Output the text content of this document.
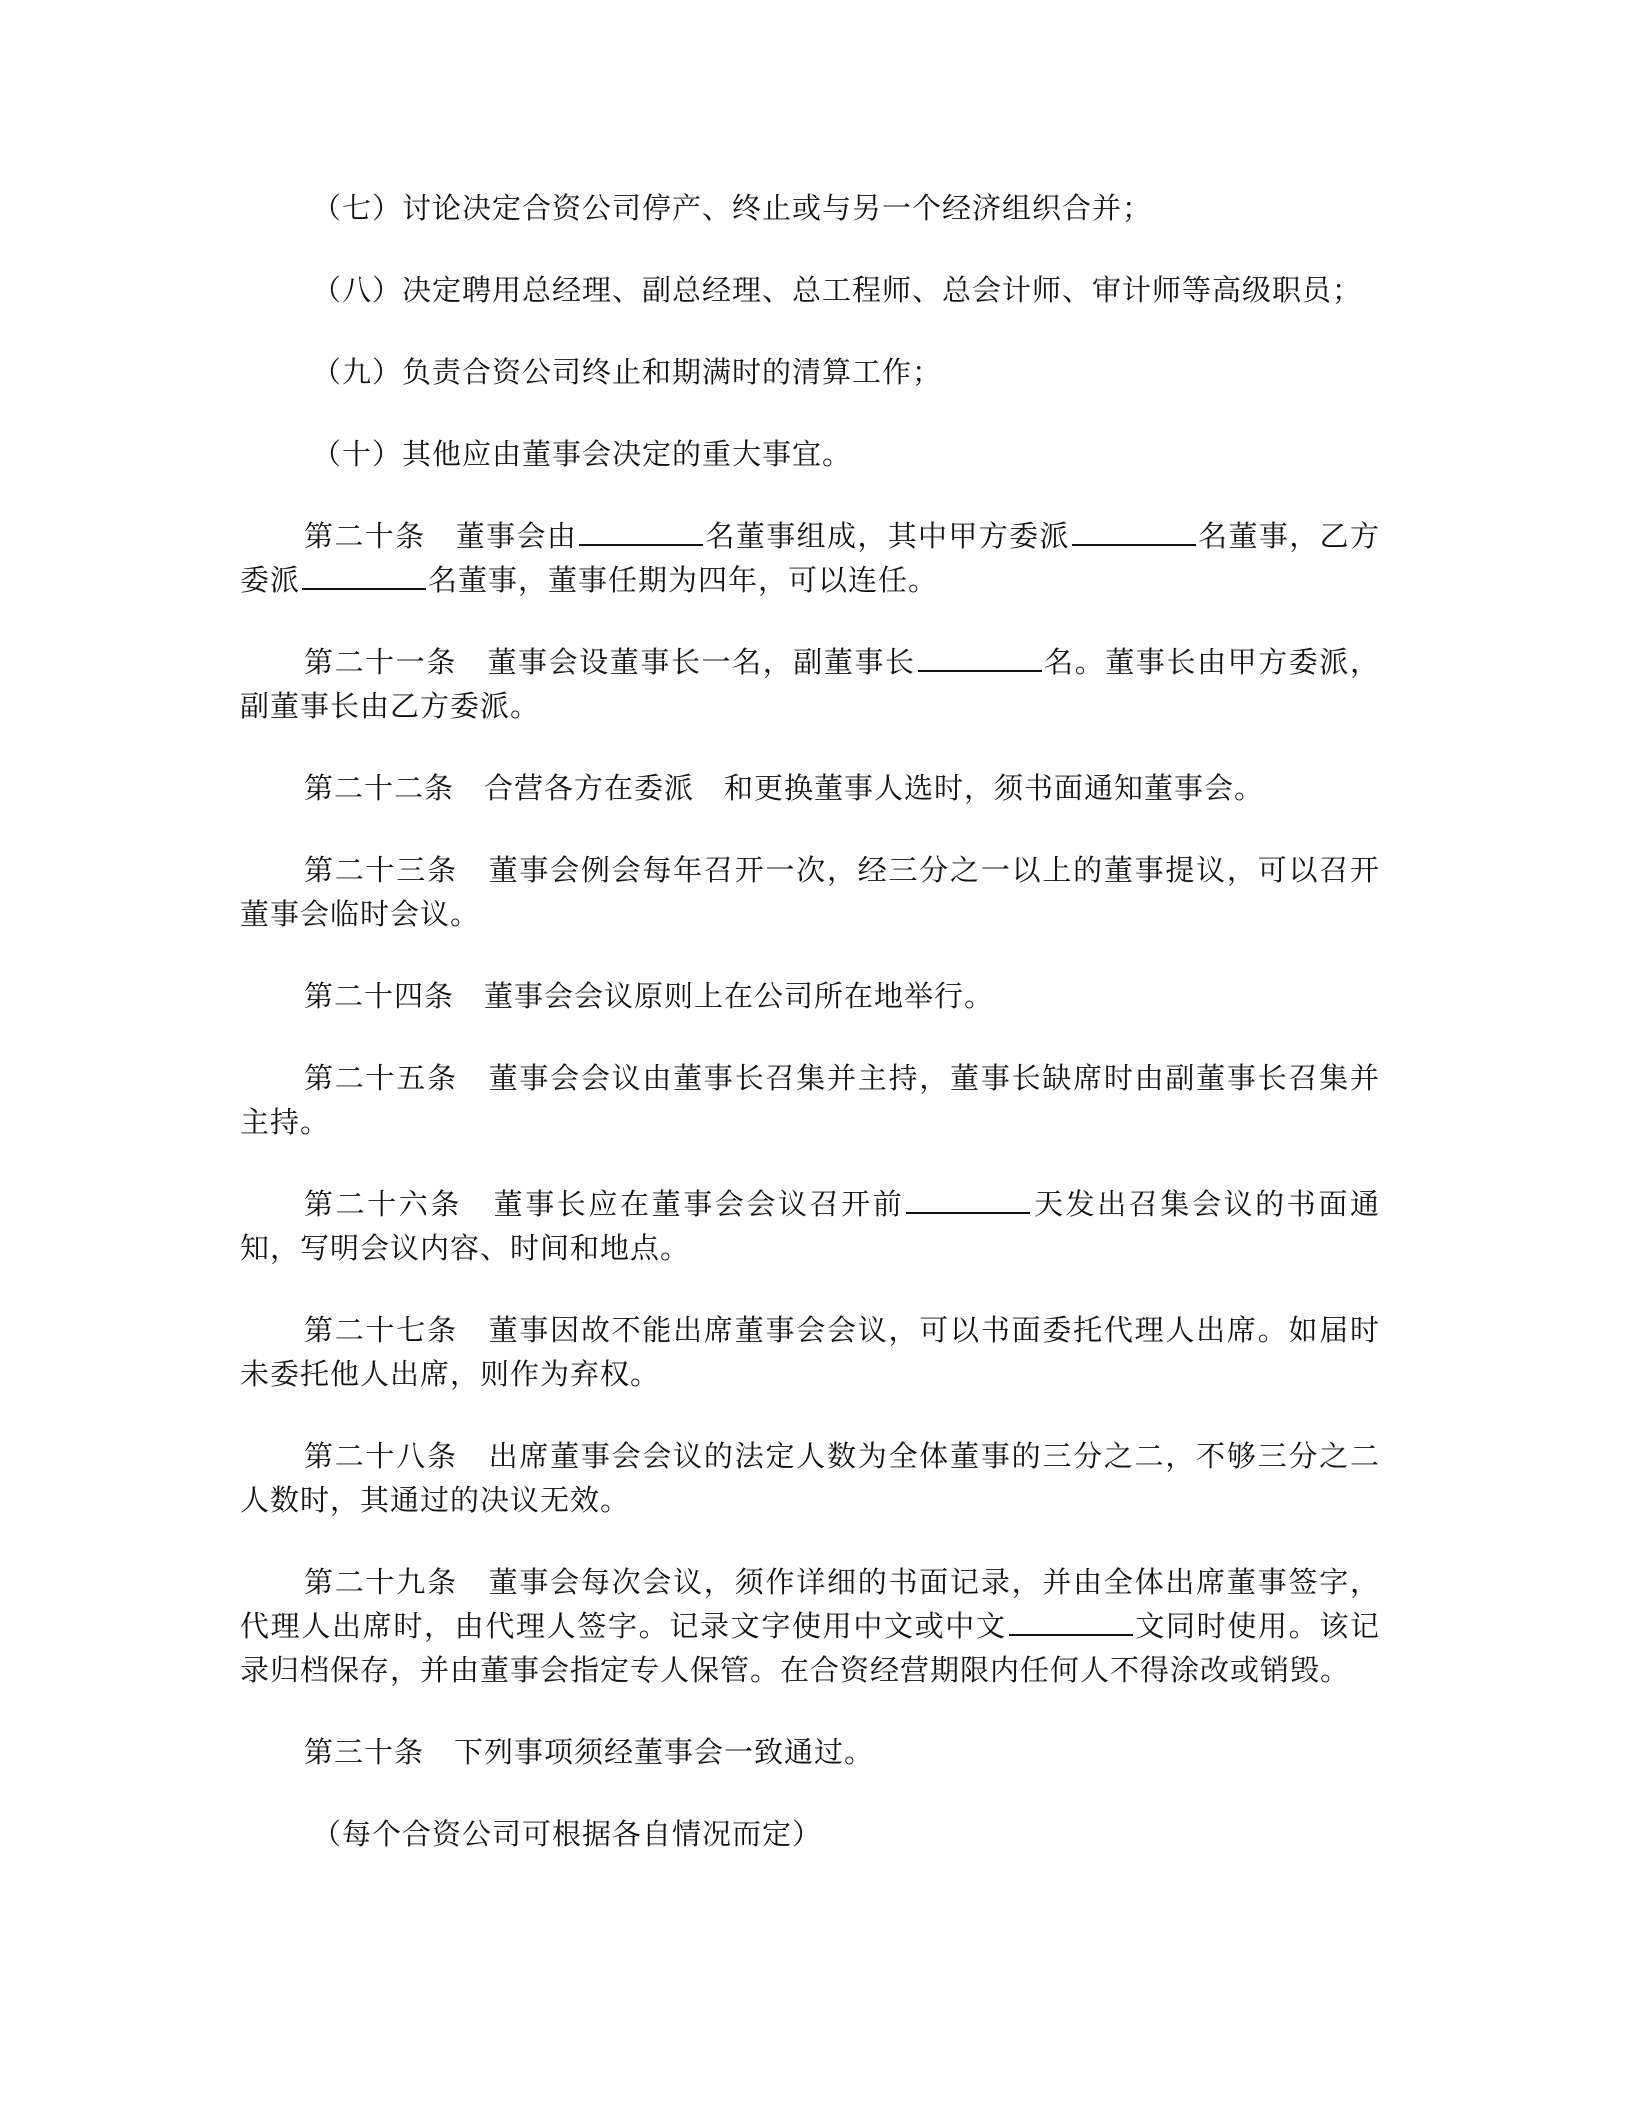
（七）讨论决定合资公司停产、终止或与另一个经济组织合并；

（八）决定聘用总经理、副总经理、总工程师、总会计师、审计师等高级职员；

（九）负责合资公司终止和期满时的清算工作；

（十）其他应由董事会决定的重大事宜。

第二十条　董事会由	名董事组成，其中甲方委派	名董事，乙方委派	名董事，董事任期为四年，可以连任。

第二十一条　董事会设董事长一名，副董事长	名。董事长由甲方委派，副董事长由乙方委派。

第二十二条　合营各方在委派　和更换董事人选时，须书面通知董事会。

第二十三条　董事会例会每年召开一次，经三分之一以上的董事提议，可以召开董事会临时会议。

第二十四条　董事会会议原则上在公司所在地举行。

第二十五条　董事会会议由董事长召集并主持，董事长缺席时由副董事长召集并主持。

第二十六条　董事长应在董事会会议召开前	天发出召集会议的书面通知，写明会议内容、时间和地点。

第二十七条　董事因故不能出席董事会会议，可以书面委托代理人出席。如届时未委托他人出席，则作为弃权。

第二十八条　出席董事会会议的法定人数为全体董事的三分之二，不够三分之二人数时，其通过的决议无效。

第二十九条　董事会每次会议，须作详细的书面记录，并由全体出席董事签字，代理人出席时，由代理人签字。记录文字使用中文或中文	文同时使用。该记录归档保存，并由董事会指定专人保管。在合资经营期限内任何人不得涂改或销毁。

第三十条　下列事项须经董事会一致通过。

（每个合资公司可根据各自情况而定）
